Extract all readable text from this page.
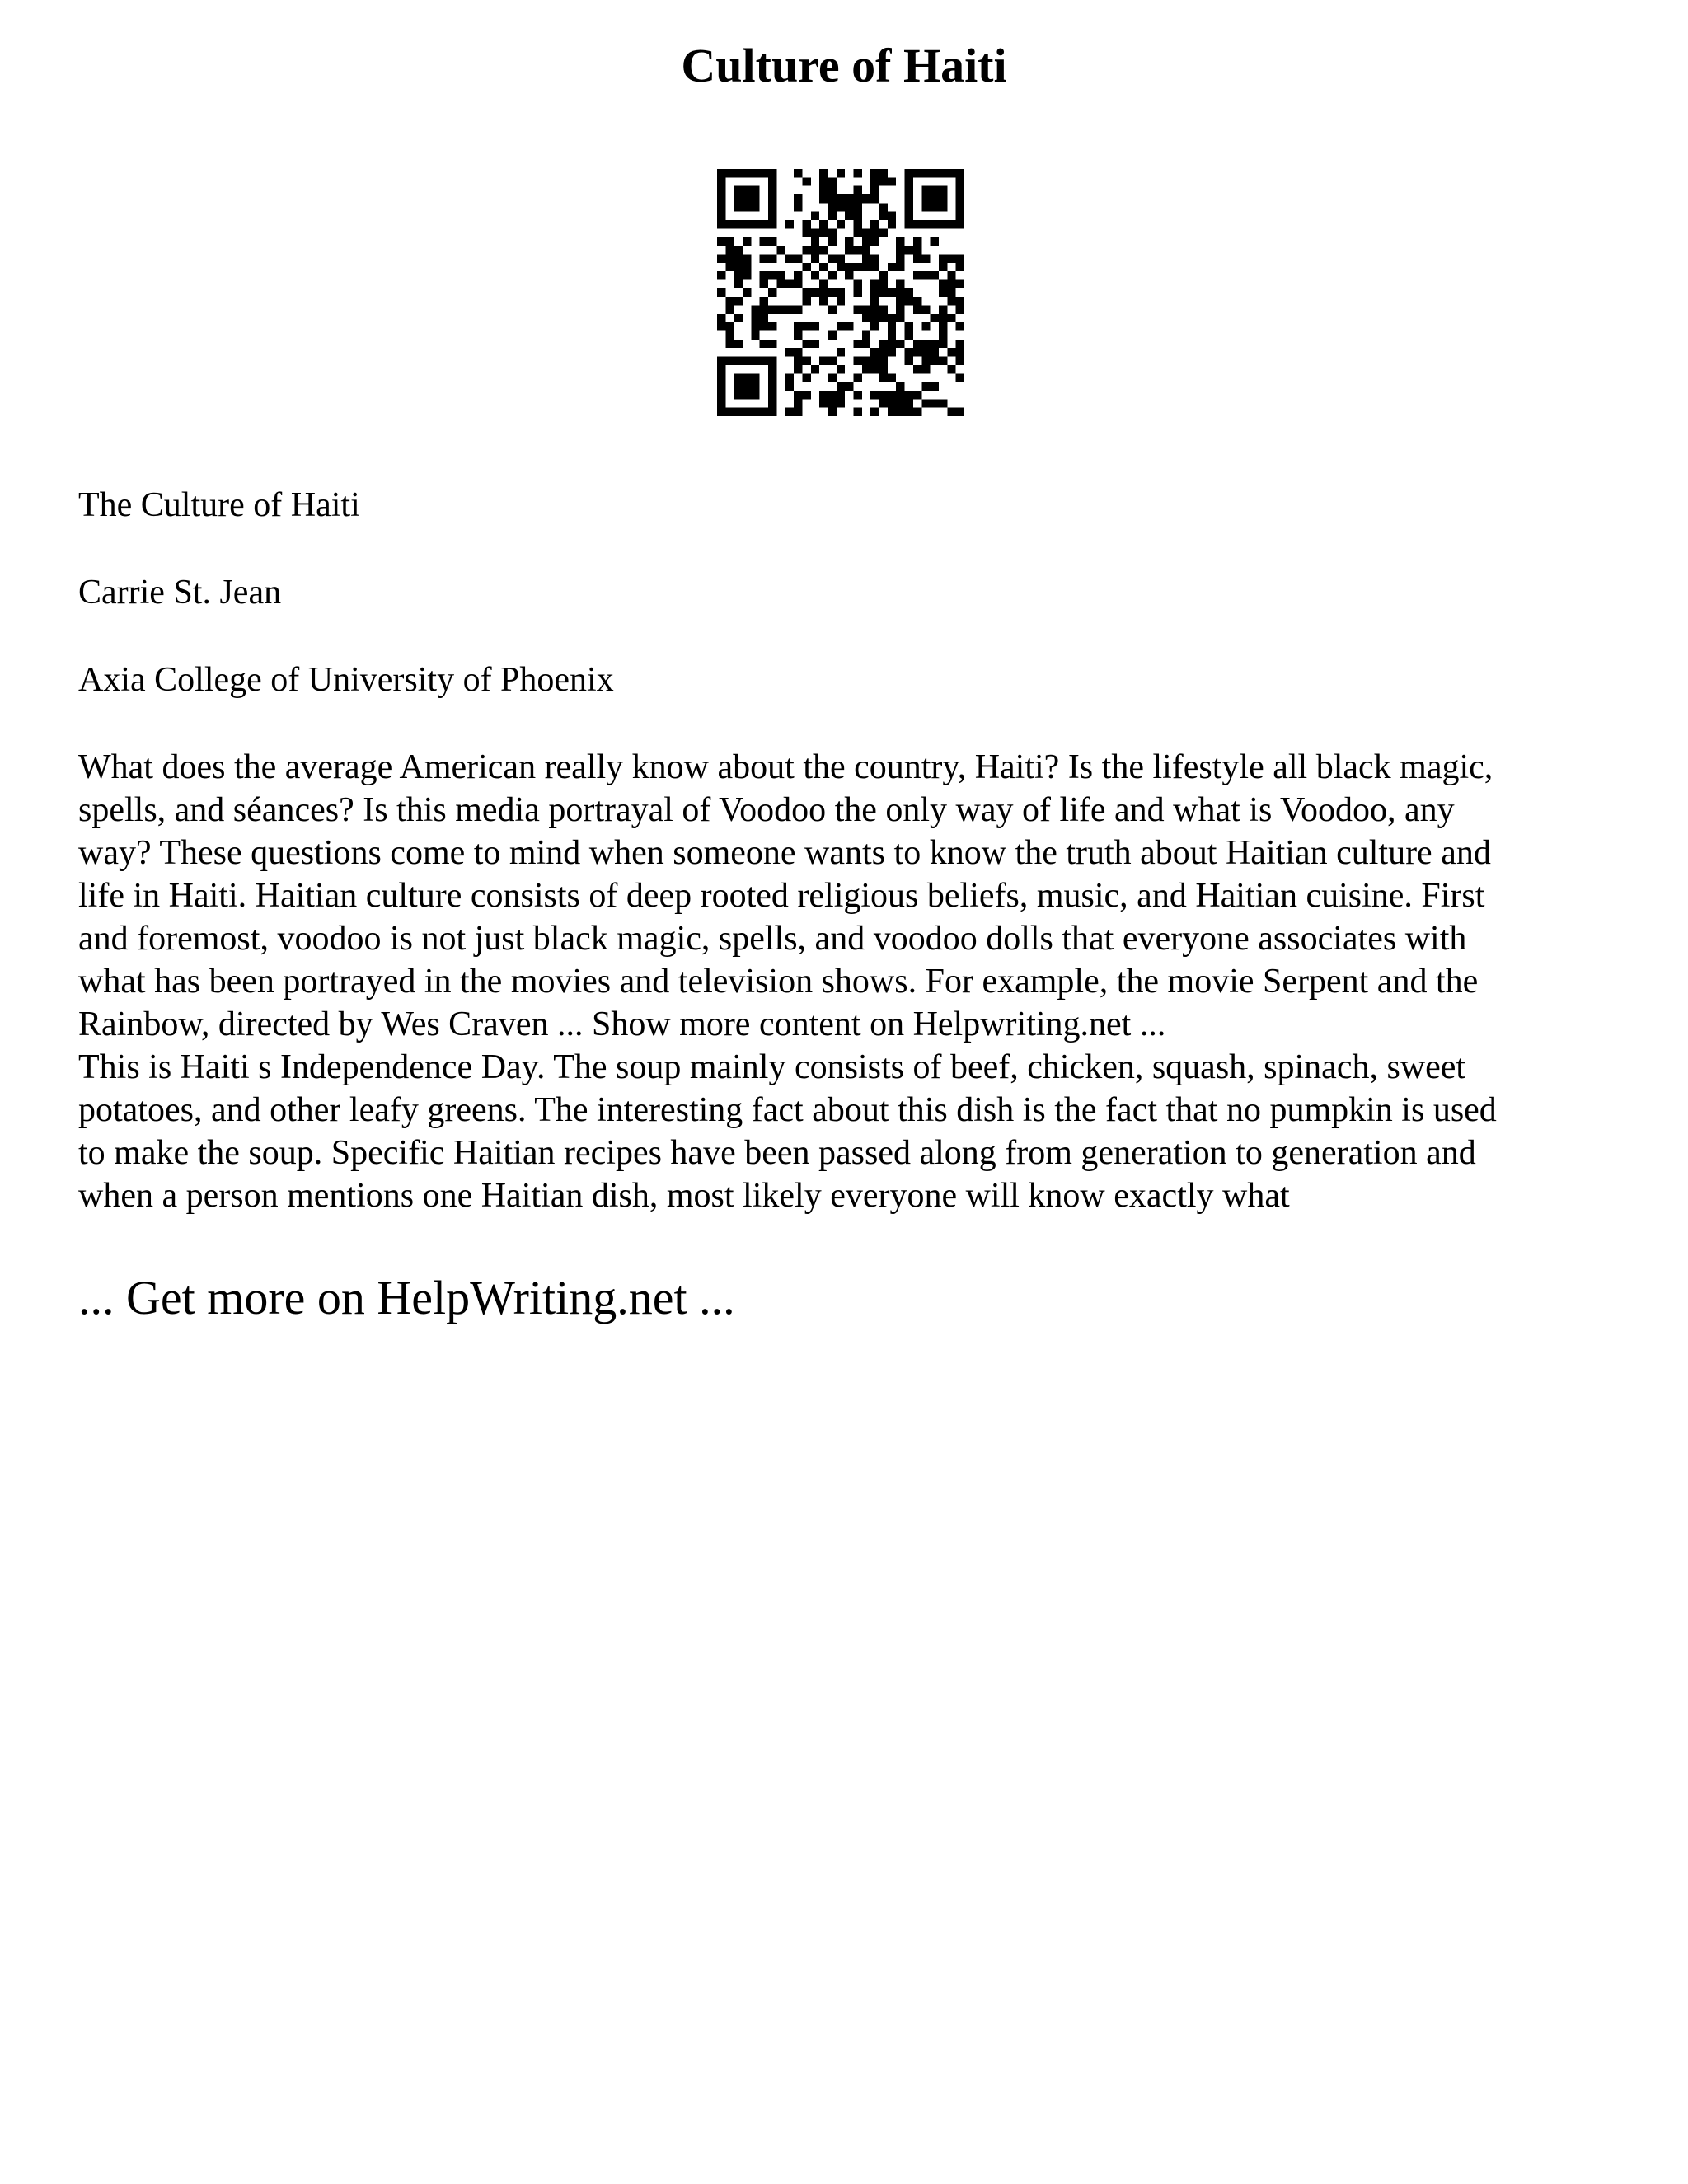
Culture of Haiti

The Culture of Haiti

Carrie St. Jean

Axia College of University of Phoenix

What does the average American really know about the country, Haiti? Is the lifestyle all black magic,
spells, and séances? Is this media portrayal of Voodoo the only way of life and what is Voodoo, any
way? These questions come to mind when someone wants to know the truth about Haitian culture and
life in Haiti. Haitian culture consists of deep rooted religious beliefs, music, and Haitian cuisine. First
and foremost, voodoo is not just black magic, spells, and voodoo dolls that everyone associates with
what has been portrayed in the movies and television shows. For example, the movie Serpent and the
Rainbow, directed by Wes Craven ... Show more content on Helpwriting.net ...
This is Haiti s Independence Day. The soup mainly consists of beef, chicken, squash, spinach, sweet
potatoes, and other leafy greens. The interesting fact about this dish is the fact that no pumpkin is used
to make the soup. Specific Haitian recipes have been passed along from generation to generation and
when a person mentions one Haitian dish, most likely everyone will know exactly what

... Get more on HelpWriting.net ...
